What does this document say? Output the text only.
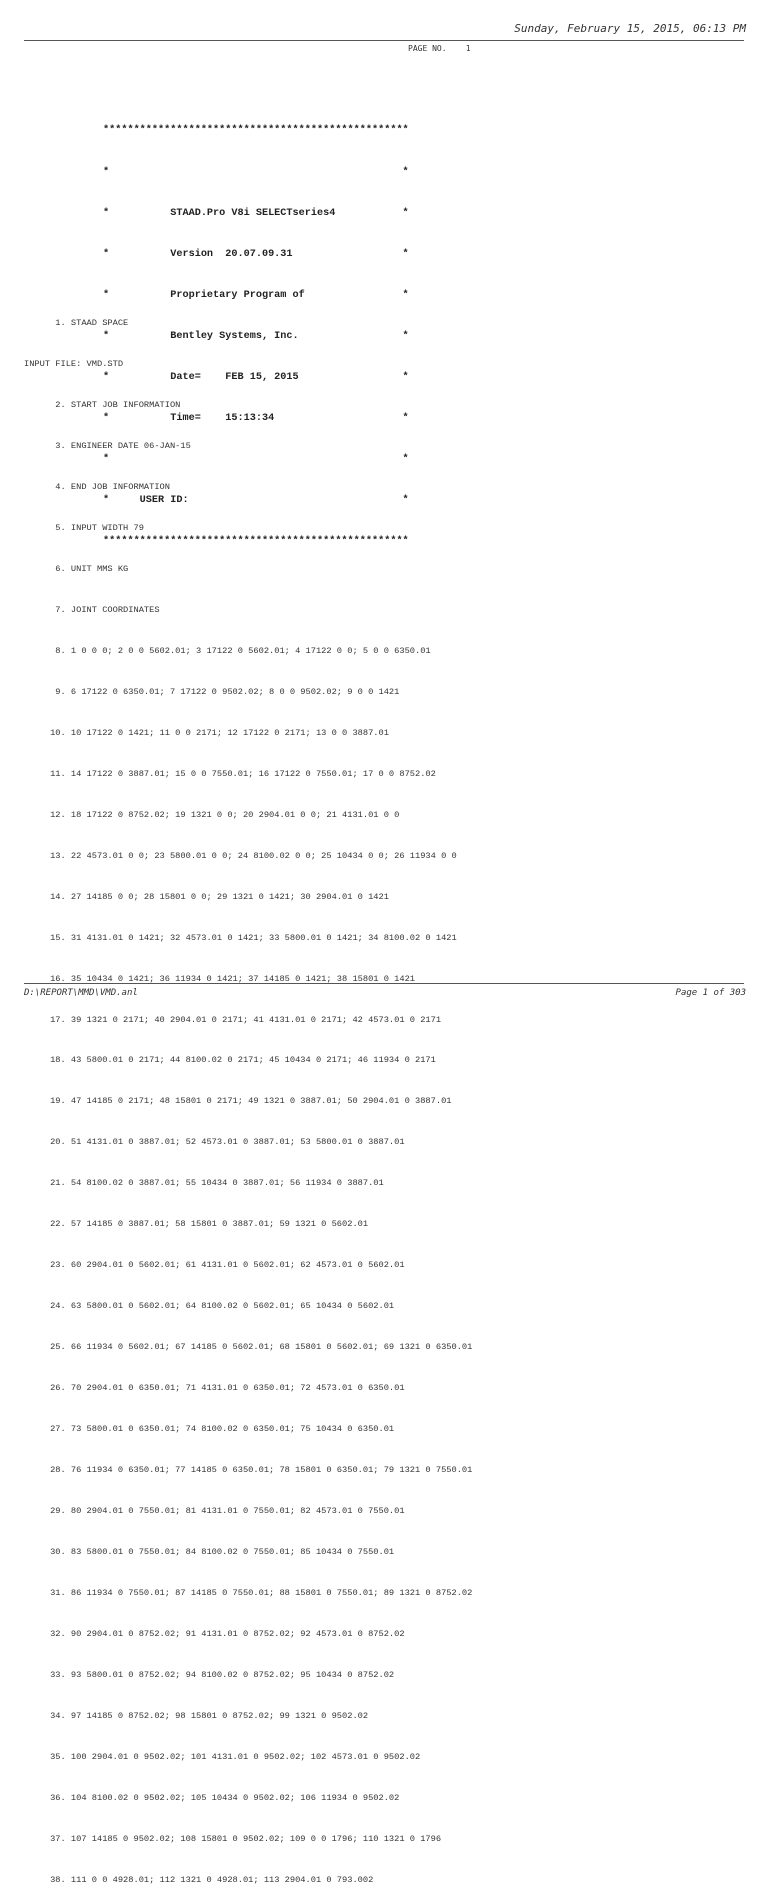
Sunday, February 15, 2015, 06:13 PM
PAGE NO.    1

**************************************************

*                                                *

*          STAAD.Pro V8i SELECTseries4           *

*          Version  20.07.09.31                  *

*          Proprietary Program of                *

*          Bentley Systems, Inc.                 *

*          Date=    FEB 15, 2015                 *

*          Time=    15:13:34                     *

*                                                *

*     USER ID:                                   *

**************************************************

1. STAAD SPACE

INPUT FILE: VMD.STD

2. START JOB INFORMATION

3. ENGINEER DATE 06-JAN-15

4. END JOB INFORMATION

5. INPUT WIDTH 79

6. UNIT MMS KG

7. JOINT COORDINATES

8. 1 0 0 0; 2 0 0 5602.01; 3 17122 0 5602.01; 4 17122 0 0; 5 0 0 6350.01

9. 6 17122 0 6350.01; 7 17122 0 9502.02; 8 0 0 9502.02; 9 0 0 1421

10. 10 17122 0 1421; 11 0 0 2171; 12 17122 0 2171; 13 0 0 3887.01

11. 14 17122 0 3887.01; 15 0 0 7550.01; 16 17122 0 7550.01; 17 0 0 8752.02

12. 18 17122 0 8752.02; 19 1321 0 0; 20 2904.01 0 0; 21 4131.01 0 0

13. 22 4573.01 0 0; 23 5800.01 0 0; 24 8100.02 0 0; 25 10434 0 0; 26 11934 0 0

14. 27 14185 0 0; 28 15801 0 0; 29 1321 0 1421; 30 2904.01 0 1421

15. 31 4131.01 0 1421; 32 4573.01 0 1421; 33 5800.01 0 1421; 34 8100.02 0 1421

16. 35 10434 0 1421; 36 11934 0 1421; 37 14185 0 1421; 38 15801 0 1421

17. 39 1321 0 2171; 40 2904.01 0 2171; 41 4131.01 0 2171; 42 4573.01 0 2171

18. 43 5800.01 0 2171; 44 8100.02 0 2171; 45 10434 0 2171; 46 11934 0 2171

19. 47 14185 0 2171; 48 15801 0 2171; 49 1321 0 3887.01; 50 2904.01 0 3887.01

20. 51 4131.01 0 3887.01; 52 4573.01 0 3887.01; 53 5800.01 0 3887.01

21. 54 8100.02 0 3887.01; 55 10434 0 3887.01; 56 11934 0 3887.01

22. 57 14185 0 3887.01; 58 15801 0 3887.01; 59 1321 0 5602.01

23. 60 2904.01 0 5602.01; 61 4131.01 0 5602.01; 62 4573.01 0 5602.01

24. 63 5800.01 0 5602.01; 64 8100.02 0 5602.01; 65 10434 0 5602.01

25. 66 11934 0 5602.01; 67 14185 0 5602.01; 68 15801 0 5602.01; 69 1321 0 6350.01

26. 70 2904.01 0 6350.01; 71 4131.01 0 6350.01; 72 4573.01 0 6350.01

27. 73 5800.01 0 6350.01; 74 8100.02 0 6350.01; 75 10434 0 6350.01

28. 76 11934 0 6350.01; 77 14185 0 6350.01; 78 15801 0 6350.01; 79 1321 0 7550.01

29. 80 2904.01 0 7550.01; 81 4131.01 0 7550.01; 82 4573.01 0 7550.01

30. 83 5800.01 0 7550.01; 84 8100.02 0 7550.01; 85 10434 0 7550.01

31. 86 11934 0 7550.01; 87 14185 0 7550.01; 88 15801 0 7550.01; 89 1321 0 8752.02

32. 90 2904.01 0 8752.02; 91 4131.01 0 8752.02; 92 4573.01 0 8752.02

33. 93 5800.01 0 8752.02; 94 8100.02 0 8752.02; 95 10434 0 8752.02

34. 97 14185 0 8752.02; 98 15801 0 8752.02; 99 1321 0 9502.02

35. 100 2904.01 0 9502.02; 101 4131.01 0 9502.02; 102 4573.01 0 9502.02

36. 104 8100.02 0 9502.02; 105 10434 0 9502.02; 106 11934 0 9502.02

37. 107 14185 0 9502.02; 108 15801 0 9502.02; 109 0 0 1796; 110 1321 0 1796

38. 111 0 0 4928.01; 112 1321 0 4928.01; 113 2904.01 0 793.002

D:\REPORT\MMD\VMD.anl	Page 1 of 303
